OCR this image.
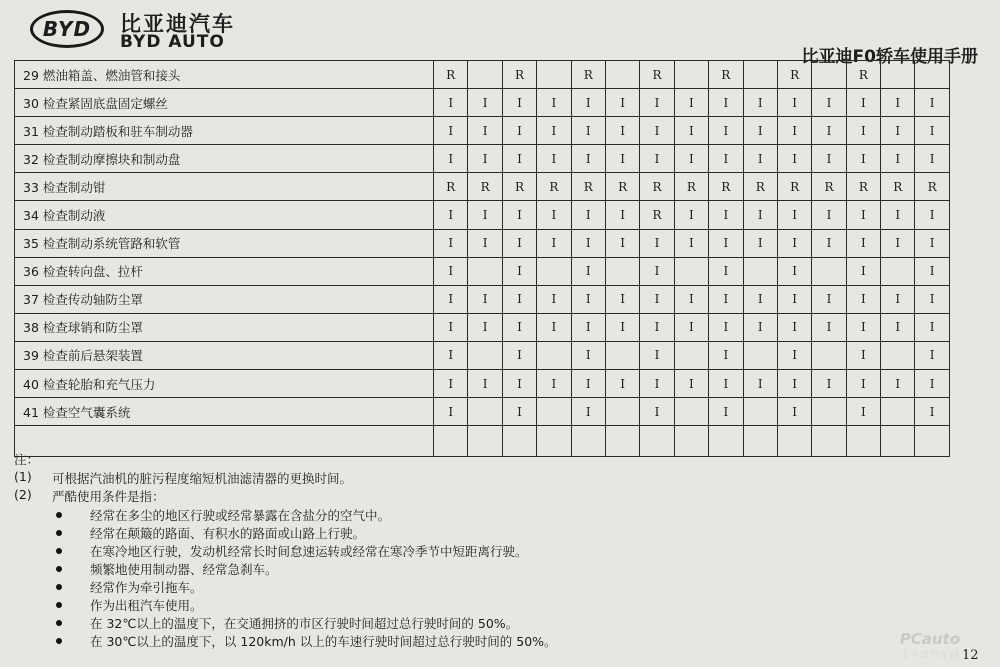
BYD 比亚迪汽车
BYD AUTO
比亚迪F0轿车使用手册
29 燃油箱盖、燃油管和接头	R		R		R		R		R		R		R		
30 检查紧固底盘固定螺丝	I	I	I	I	I	I	I	I	I	I	I	I	I	I	I
31 检查制动踏板和驻车制动器	I	I	I	I	I	I	I	I	I	I	I	I	I	I	I
32 检查制动摩擦块和制动盘	I	I	I	I	I	I	I	I	I	I	I	I	I	I	I
33 检查制动钳	R	R	R	R	R	R	R	R	R	R	R	R	R	R	R
34 检查制动液	I	I	I	I	I	I	R	I	I	I	I	I	I	I	I
35 检查制动系统管路和软管	I	I	I	I	I	I	I	I	I	I	I	I	I	I	I
36 检查转向盘、拉杆	I		I		I		I		I		I		I		I
37 检查传动轴防尘罩	I	I	I	I	I	I	I	I	I	I	I	I	I	I	I
38 检查球销和防尘罩	I	I	I	I	I	I	I	I	I	I	I	I	I	I	I
39 检查前后悬架装置	I		I		I		I		I		I		I		I
40 检查轮胎和充气压力	I	I	I	I	I	I	I	I	I	I	I	I	I	I	I
41 检查空气囊系统	I		I		I		I		I		I		I		I

注：
(1) 可根据汽油机的脏污程度缩短机油滤清器的更换时间。
(2) 严酷使用条件是指：
经常在多尘的地区行驶或经常暴露在含盐分的空气中。
经常在颠簸的路面、有积水的路面或山路上行驶。
在寒冷地区行驶，发动机经常长时间怠速运转或经常在寒冷季节中短距离行驶。
频繁地使用制动器、经常急刹车。
经常作为牵引拖车。
作为出租汽车使用。
在 32℃以上的温度下，在交通拥挤的市区行驶时间超过总行驶时间的 50%。
在 30℃以上的温度下，以 120km/h 以上的车速行驶时间超过总行驶时间的 50%。	PCauto
太平洋汽车网 12
